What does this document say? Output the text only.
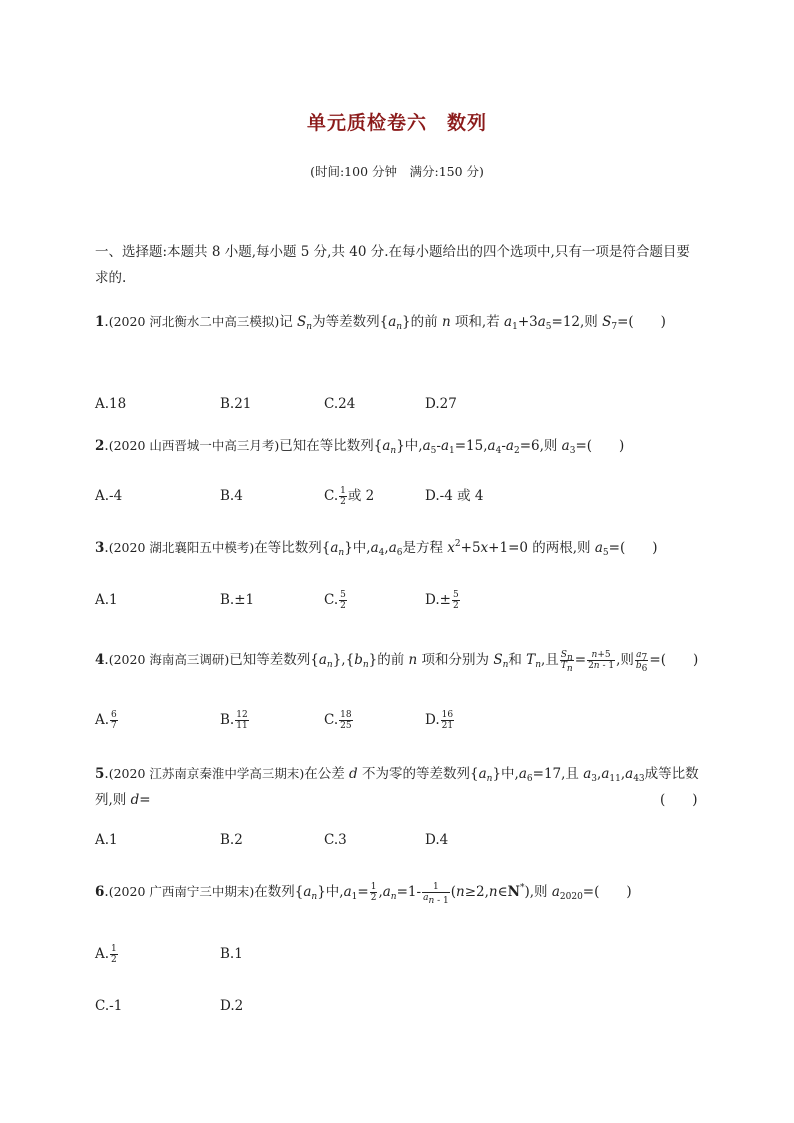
单元质检卷六　数列
(时间:100 分钟　满分:150 分)
一、选择题:本题共 8 小题,每小题 5 分,共 40 分.在每小题给出的四个选项中,只有一项是符合题目要
求的.
1.(2020 河北衡水二中高三模拟)记 $S_n$为等差数列$\{a_n\}$的前 n 项和,若 $a_1+3a_5=12$,则 $S_7=$(　　)
A.18	B.21	C.24	D.27
2.(2020 山西晋城一中高三月考)已知在等比数列$\{a_n\}$中$,a_5-a_1=15,a_4-a_2=6$,则 $a_3=$(　　)
A.-4	B.4	C. $\frac{1}{2}$ 或 2	D.-4 或 4
3.(2020 湖北襄阳五中模考)在等比数列$\{a_n\}$中$,a_4,a_6$是方程 $x^2+5x+1=0$ 的两根,则 $a_5=$(　　)
A.1	B.±1	C. $\frac{5}{2}$	$D.\pm \frac{5}{2}$
4.(2020 海南高三调研)已知等差数列$\{a_n\},\{b_n\}$的前 n 项和分别为 $S_n$和 $T_n$,且 $\frac{S_n}{T_n} = \frac{n+5}{2n - 1}$ ,则 $\frac{a_7}{b_6}$ =(　　)
A. $\frac{6}{7}$	B. $\frac{12}{11}$	C. $\frac{18}{25}$	D. $\frac{16}{21}$
5.(2020 江苏南京秦淮中学高三期末)在公差 d 不为零的等差数列$\{a_n\}$中$,a_6=17$,且 $a_3,a_{11},a_{43}$成等比数
列,则 d=	(　　)
A.1	B.2	C.3	D.4
6.(2020 广西南宁三中期末)在数列$\{a_n\}$中$,a_1= \frac{1}{2} ,a_n=1- \frac{1}{a_{n - 1}}$ (n≥2,n∈N*),则 $a_{2020}=$(　　)
A. $\frac{1}{2}$	B.1
C.-1	D.2
